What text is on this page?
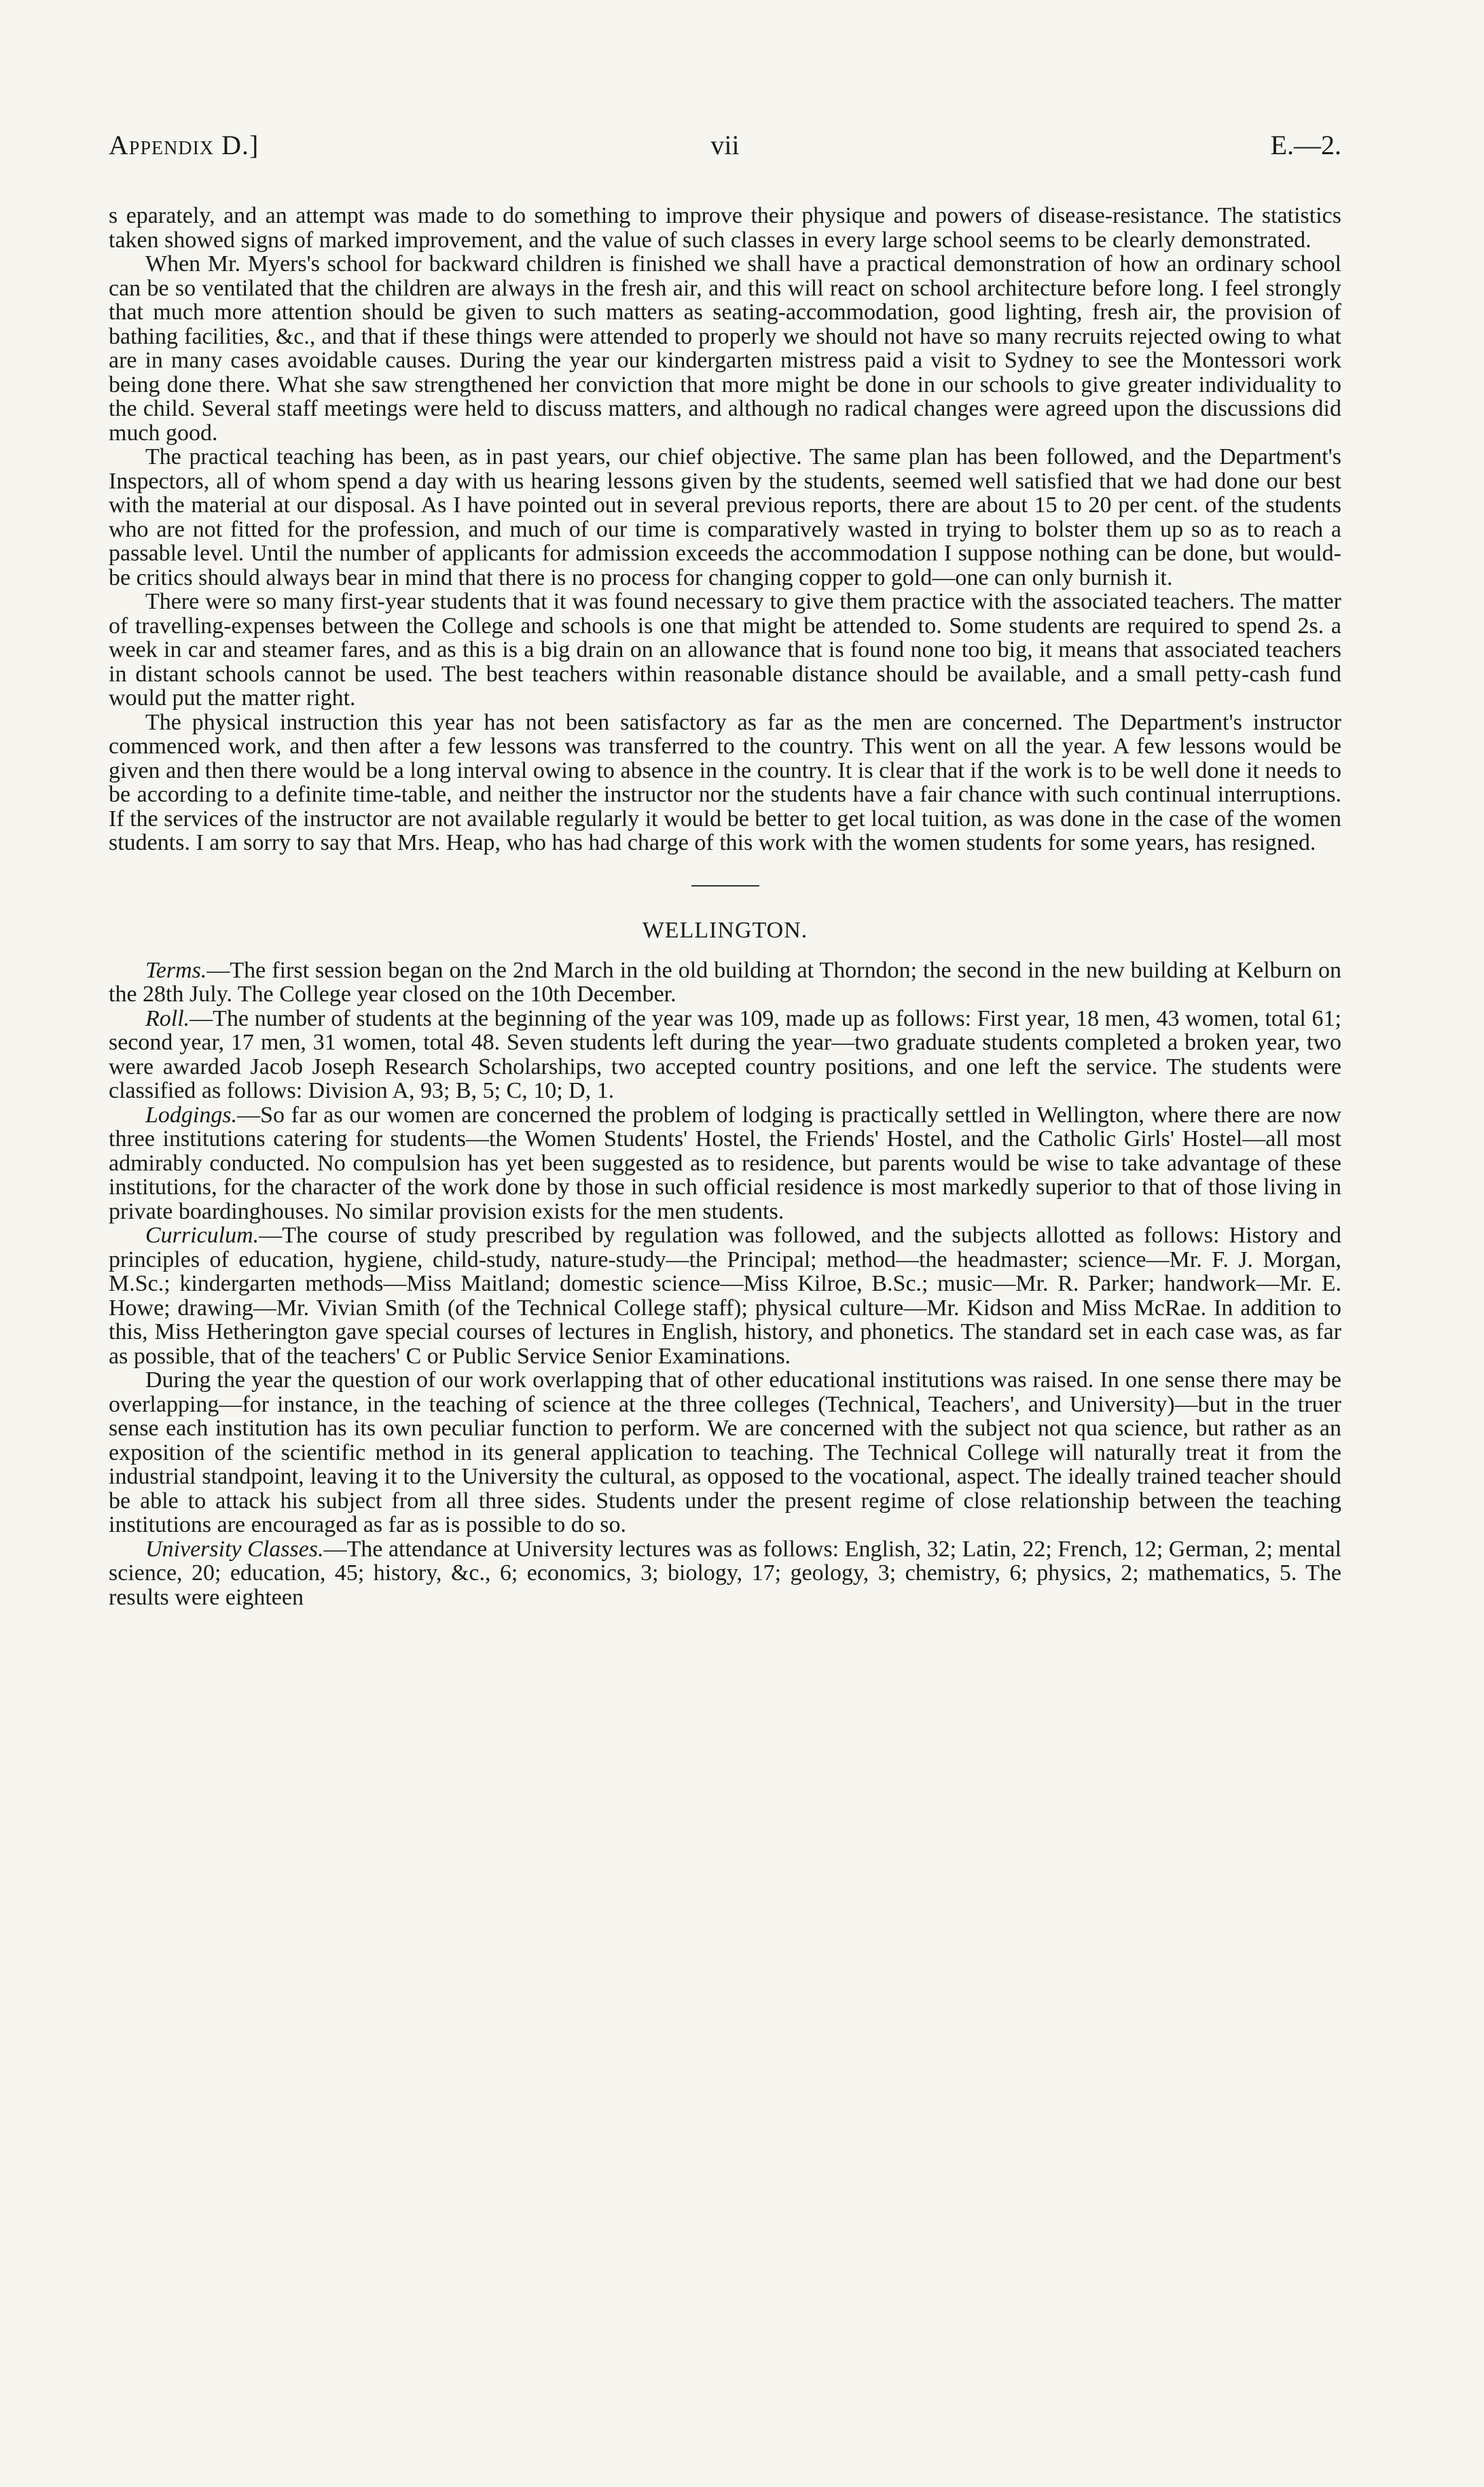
Appendix D.]	vii	E.—2.

s eparately, and an attempt was made to do something to improve their physique and powers of disease-resistance. The statistics taken showed signs of marked improvement, and the value of such classes in every large school seems to be clearly demonstrated.

When Mr. Myers's school for backward children is finished we shall have a practical demonstration of how an ordinary school can be so ventilated that the children are always in the fresh air, and this will react on school architecture before long. I feel strongly that much more attention should be given to such matters as seating-accommodation, good lighting, fresh air, the provision of bathing facilities, &c., and that if these things were attended to properly we should not have so many recruits rejected owing to what are in many cases avoidable causes. During the year our kindergarten mistress paid a visit to Sydney to see the Montessori work being done there. What she saw strengthened her conviction that more might be done in our schools to give greater individuality to the child. Several staff meetings were held to discuss matters, and although no radical changes were agreed upon the discussions did much good.

The practical teaching has been, as in past years, our chief objective. The same plan has been followed, and the Department's Inspectors, all of whom spend a day with us hearing lessons given by the students, seemed well satisfied that we had done our best with the material at our disposal. As I have pointed out in several previous reports, there are about 15 to 20 per cent. of the students who are not fitted for the profession, and much of our time is comparatively wasted in trying to bolster them up so as to reach a passable level. Until the number of applicants for admission exceeds the accommodation I suppose nothing can be done, but would-be critics should always bear in mind that there is no process for changing copper to gold—one can only burnish it.

There were so many first-year students that it was found necessary to give them practice with the associated teachers. The matter of travelling-expenses between the College and schools is one that might be attended to. Some students are required to spend 2s. a week in car and steamer fares, and as this is a big drain on an allowance that is found none too big, it means that associated teachers in distant schools cannot be used. The best teachers within reasonable distance should be available, and a small petty-cash fund would put the matter right.

The physical instruction this year has not been satisfactory as far as the men are concerned. The Department's instructor commenced work, and then after a few lessons was transferred to the country. This went on all the year. A few lessons would be given and then there would be a long interval owing to absence in the country. It is clear that if the work is to be well done it needs to be according to a definite time-table, and neither the instructor nor the students have a fair chance with such continual interruptions. If the services of the instructor are not available regularly it would be better to get local tuition, as was done in the case of the women students. I am sorry to say that Mrs. Heap, who has had charge of this work with the women students for some years, has resigned.

WELLINGTON.

Terms.—The first session began on the 2nd March in the old building at Thorndon; the second in the new building at Kelburn on the 28th July. The College year closed on the 10th December.

Roll.—The number of students at the beginning of the year was 109, made up as follows: First year, 18 men, 43 women, total 61; second year, 17 men, 31 women, total 48. Seven students left during the year—two graduate students completed a broken year, two were awarded Jacob Joseph Research Scholarships, two accepted country positions, and one left the service. The students were classified as follows: Division A, 93; B, 5; C, 10; D, 1.

Lodgings.—So far as our women are concerned the problem of lodging is practically settled in Wellington, where there are now three institutions catering for students—the Women Students' Hostel, the Friends' Hostel, and the Catholic Girls' Hostel—all most admirably conducted. No compulsion has yet been suggested as to residence, but parents would be wise to take advantage of these institutions, for the character of the work done by those in such official residence is most markedly superior to that of those living in private boardinghouses. No similar provision exists for the men students.

Curriculum.—The course of study prescribed by regulation was followed, and the subjects allotted as follows: History and principles of education, hygiene, child-study, nature-study—the Principal; method—the headmaster; science—Mr. F. J. Morgan, M.Sc.; kindergarten methods—Miss Maitland; domestic science—Miss Kilroe, B.Sc.; music—Mr. R. Parker; handwork—Mr. E. Howe; drawing—Mr. Vivian Smith (of the Technical College staff); physical culture—Mr. Kidson and Miss McRae. In addition to this, Miss Hetherington gave special courses of lectures in English, history, and phonetics. The standard set in each case was, as far as possible, that of the teachers' C or Public Service Senior Examinations.

During the year the question of our work overlapping that of other educational institutions was raised. In one sense there may be overlapping—for instance, in the teaching of science at the three colleges (Technical, Teachers', and University)—but in the truer sense each institution has its own peculiar function to perform. We are concerned with the subject not qua science, but rather as an exposition of the scientific method in its general application to teaching. The Technical College will naturally treat it from the industrial standpoint, leaving it to the University the cultural, as opposed to the vocational, aspect. The ideally trained teacher should be able to attack his subject from all three sides. Students under the present regime of close relationship between the teaching institutions are encouraged as far as is possible to do so.

University Classes.—The attendance at University lectures was as follows: English, 32; Latin, 22; French, 12; German, 2; mental science, 20; education, 45; history, &c., 6; economics, 3; biology, 17; geology, 3; chemistry, 6; physics, 2; mathematics, 5. The results were eighteen
